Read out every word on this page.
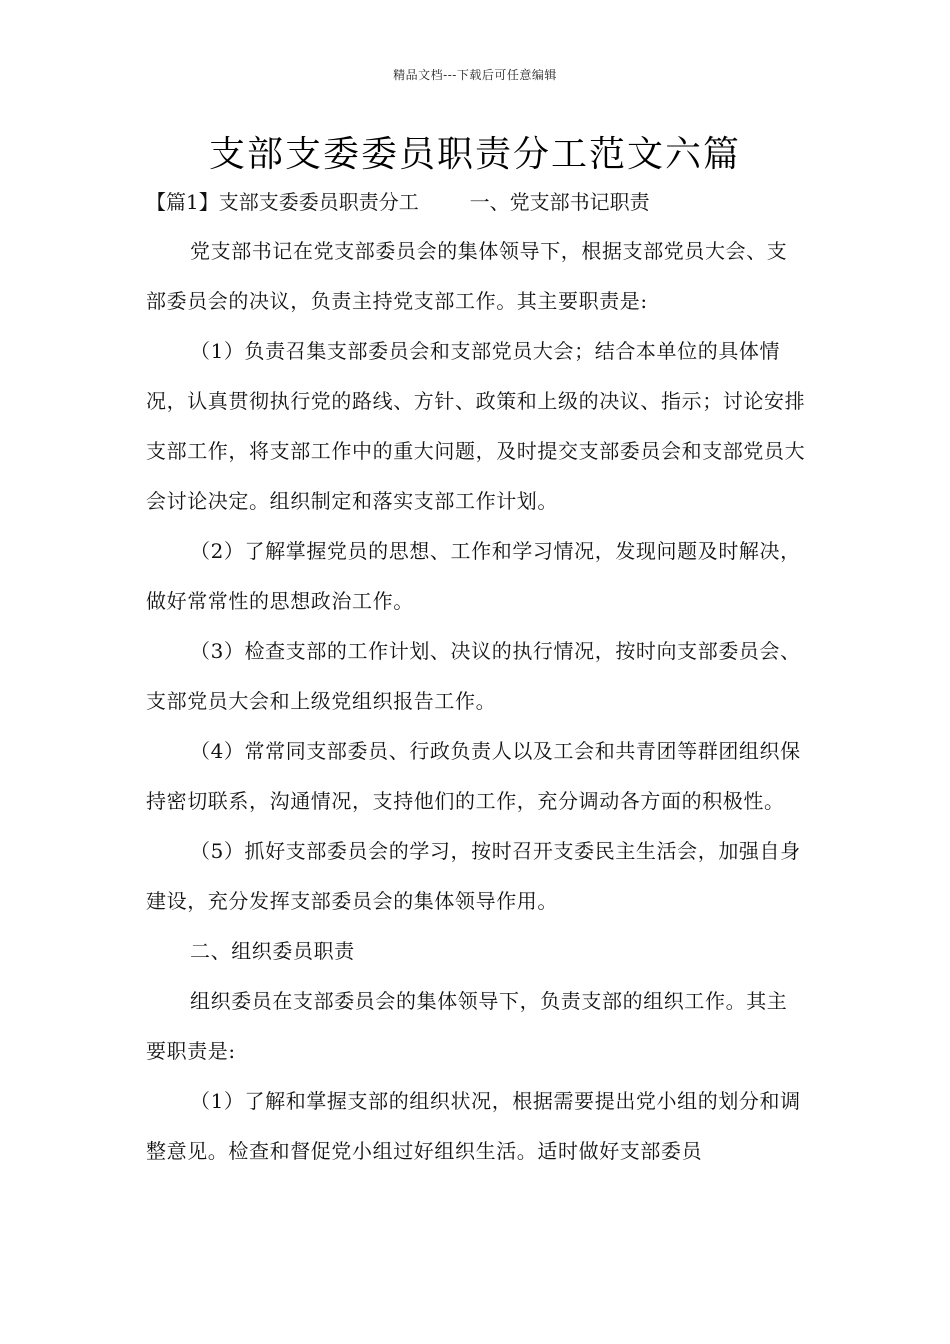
精品文档---下载后可任意编辑
支部支委委员职责分工范文六篇
【篇1】支部支委委员职责分工        一、党支部书记职责

党支部书记在党支部委员会的集体领导下，根据支部党员大会、支部委员会的决议，负责主持党支部工作。其主要职责是:

（1）负责召集支部委员会和支部党员大会；结合本单位的具体情况，认真贯彻执行党的路线、方针、政策和上级的决议、指示；讨论安排支部工作，将支部工作中的重大问题，及时提交支部委员会和支部党员大会讨论决定。组织制定和落实支部工作计划。

（2）了解掌握党员的思想、工作和学习情况，发现问题及时解决，做好常常性的思想政治工作。

（3）检查支部的工作计划、决议的执行情况，按时向支部委员会、支部党员大会和上级党组织报告工作。

（4）常常同支部委员、行政负责人以及工会和共青团等群团组织保持密切联系，沟通情况，支持他们的工作，充分调动各方面的积极性。

（5）抓好支部委员会的学习，按时召开支委民主生活会，加强自身建设，充分发挥支部委员会的集体领导作用。

二、组织委员职责

组织委员在支部委员会的集体领导下，负责支部的组织工作。其主要职责是:

（1）了解和掌握支部的组织状况，根据需要提出党小组的划分和调整意见。检查和督促党小组过好组织生活。适时做好支部委员
